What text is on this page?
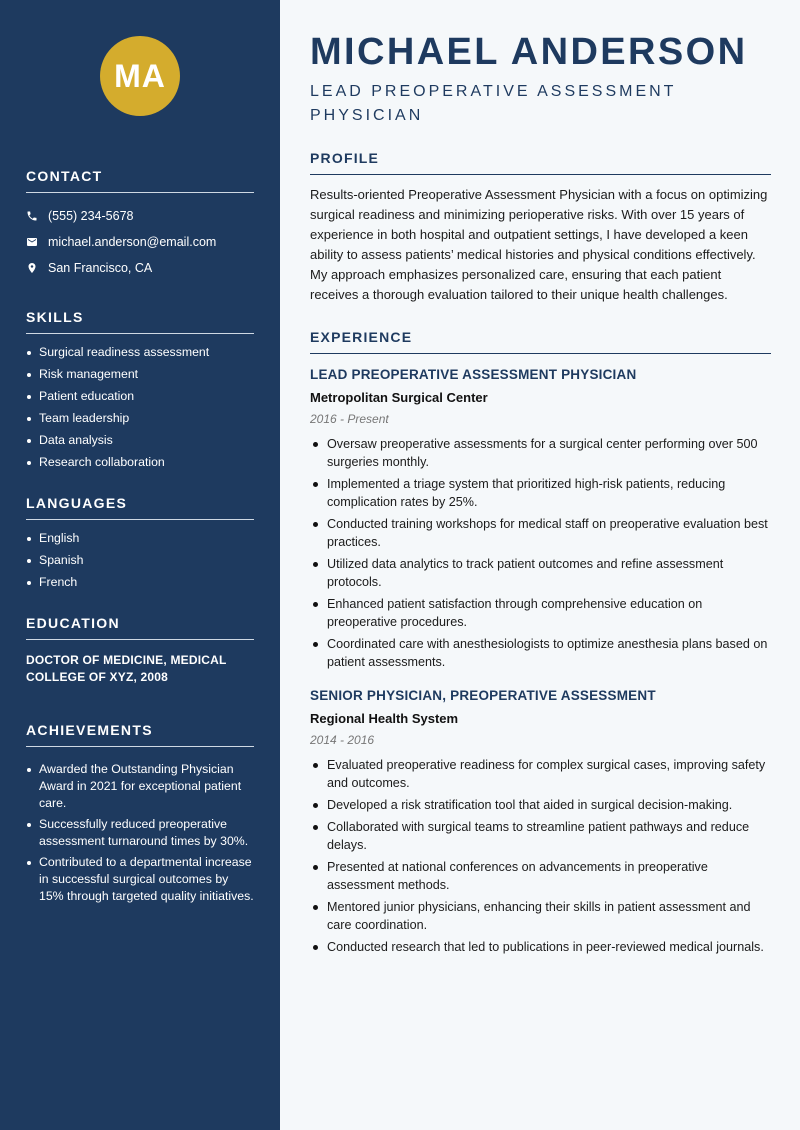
MA
CONTACT
(555) 234-5678
michael.anderson@email.com
San Francisco, CA
SKILLS
Surgical readiness assessment
Risk management
Patient education
Team leadership
Data analysis
Research collaboration
LANGUAGES
English
Spanish
French
EDUCATION
DOCTOR OF MEDICINE, MEDICAL COLLEGE OF XYZ, 2008
ACHIEVEMENTS
Awarded the Outstanding Physician Award in 2021 for exceptional patient care.
Successfully reduced preoperative assessment turnaround times by 30%.
Contributed to a departmental increase in successful surgical outcomes by 15% through targeted quality initiatives.
MICHAEL ANDERSON
LEAD PREOPERATIVE ASSESSMENT PHYSICIAN
PROFILE

Results-oriented Preoperative Assessment Physician with a focus on optimizing surgical readiness and minimizing perioperative risks. With over 15 years of experience in both hospital and outpatient settings, I have developed a keen ability to assess patients’ medical histories and physical conditions effectively. My approach emphasizes personalized care, ensuring that each patient receives a thorough evaluation tailored to their unique health challenges.

EXPERIENCE
LEAD PREOPERATIVE ASSESSMENT PHYSICIAN
Metropolitan Surgical Center
2016 - Present
Oversaw preoperative assessments for a surgical center performing over 500 surgeries monthly.
Implemented a triage system that prioritized high-risk patients, reducing complication rates by 25%.
Conducted training workshops for medical staff on preoperative evaluation best practices.
Utilized data analytics to track patient outcomes and refine assessment protocols.
Enhanced patient satisfaction through comprehensive education on preoperative procedures.
Coordinated care with anesthesiologists to optimize anesthesia plans based on patient assessments.
SENIOR PHYSICIAN, PREOPERATIVE ASSESSMENT
Regional Health System
2014 - 2016
Evaluated preoperative readiness for complex surgical cases, improving safety and outcomes.
Developed a risk stratification tool that aided in surgical decision-making.
Collaborated with surgical teams to streamline patient pathways and reduce delays.
Presented at national conferences on advancements in preoperative assessment methods.
Mentored junior physicians, enhancing their skills in patient assessment and care coordination.
Conducted research that led to publications in peer-reviewed medical journals.
